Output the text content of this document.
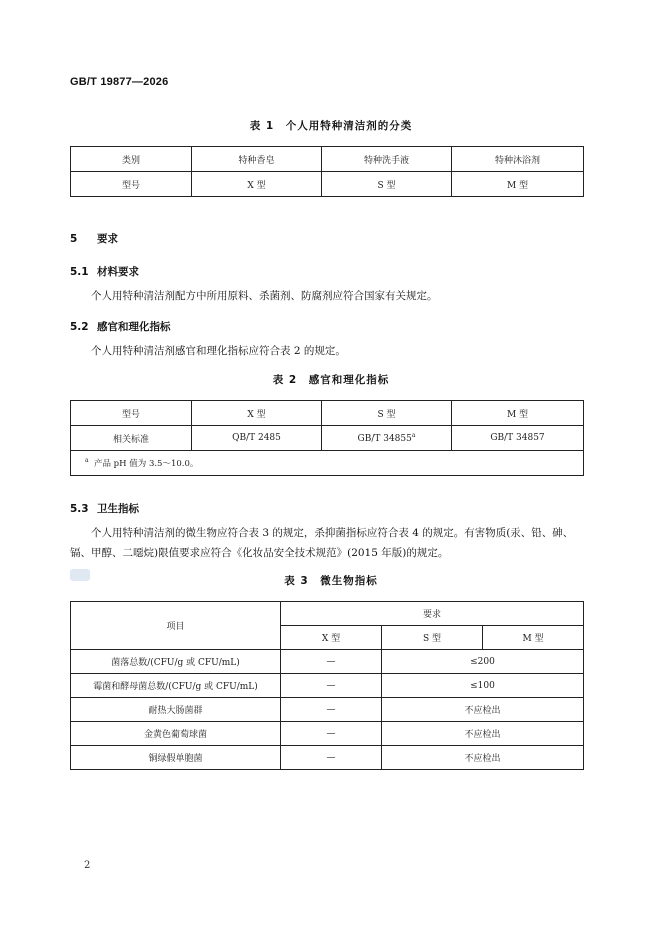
GB/T 19877—2026
表 1　个人用特种清洁剂的分类
类别	特种香皂	特种洗手液	特种沐浴剂
型号	X 型	S 型	M 型
5 要求
5.1 材料要求
个人用特种清洁剂配方中所用原料、杀菌剂、防腐剂应符合国家有关规定。
5.2 感官和理化指标
个人用特种清洁剂感官和理化指标应符合表 2 的规定。
表 2　感官和理化指标
型号	X 型	S 型	M 型
相关标准	QB/T 2485	GB/T 34855$^a$	GB/T 34857
$^a$ 产品 pH 值为 3.5～10.0。			
5.3 卫生指标
个人用特种清洁剂的微生物应符合表 3 的规定，杀抑菌指标应符合表 4 的规定。有害物质(汞、铅、砷、镉、甲醇、二噁烷)限值要求应符合《化妆品安全技术规范》(2015 年版)的规定。
表 3　微生物指标
项目	要求		
	X 型	S 型	M 型
菌落总数/(CFU/g 或 CFU/mL)	—	≤200	
霉菌和酵母菌总数/(CFU/g 或 CFU/mL)	—	≤100	
耐热大肠菌群	—	不应检出	
金黄色葡萄球菌	—	不应检出	
铜绿假单胞菌	—	不应检出	
2
